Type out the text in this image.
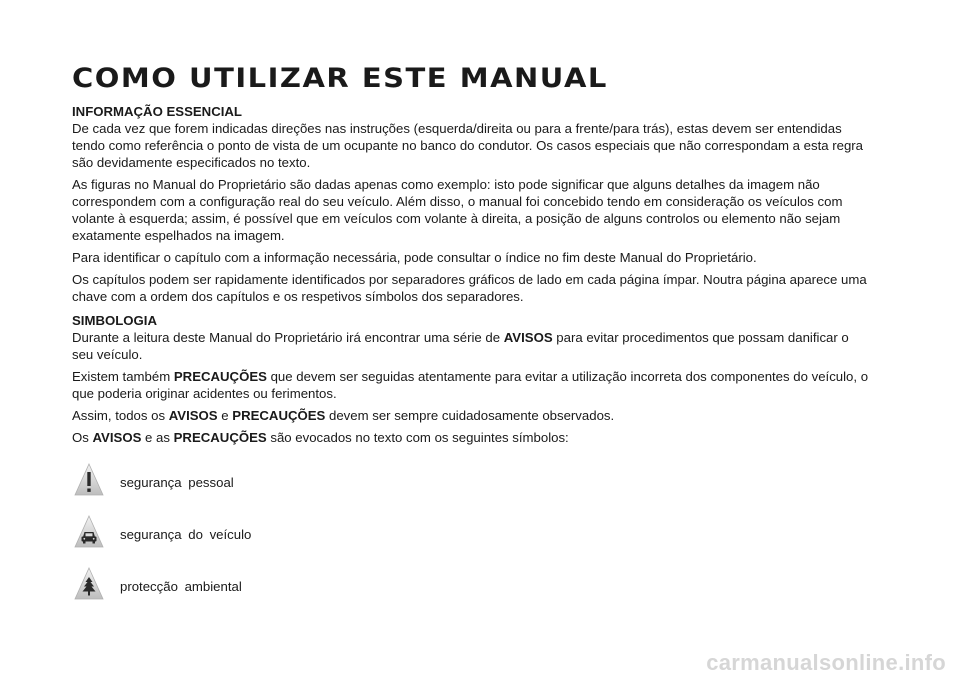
COMO UTILIZAR ESTE MANUAL
INFORMAÇÃO ESSENCIAL

De cada vez que forem indicadas direções nas instruções (esquerda/direita ou para a frente/para trás), estas devem ser entendidas tendo como referência o ponto de vista de um ocupante no banco do condutor. Os casos especiais que não correspondam a esta regra são devidamente especificados no texto.

As figuras no Manual do Proprietário são dadas apenas como exemplo: isto pode significar que alguns detalhes da imagem não correspondem com a configuração real do seu veículo. Além disso, o manual foi concebido tendo em consideração os veículos com volante à esquerda; assim, é possível que em veículos com volante à direita, a posição de alguns controlos ou elemento não sejam exatamente espelhados na imagem.

Para identificar o capítulo com a informação necessária, pode consultar o índice no fim deste Manual do Proprietário.

Os capítulos podem ser rapidamente identificados por separadores gráficos de lado em cada página ímpar. Noutra página aparece uma chave com a ordem dos capítulos e os respetivos símbolos dos separadores.

SIMBOLOGIA

Durante a leitura deste Manual do Proprietário irá encontrar uma série de AVISOS para evitar procedimentos que possam danificar o seu veículo.

Existem também PRECAUÇÕES que devem ser seguidas atentamente para evitar a utilização incorreta dos componentes do veículo, o que poderia originar acidentes ou ferimentos.

Assim, todos os AVISOS e PRECAUÇÕES devem ser sempre cuidadosamente observados.

Os AVISOS e as PRECAUÇÕES são evocados no texto com os seguintes símbolos:

segurança pessoal
segurança do veículo
protecção ambiental
carmanualsonline.info
